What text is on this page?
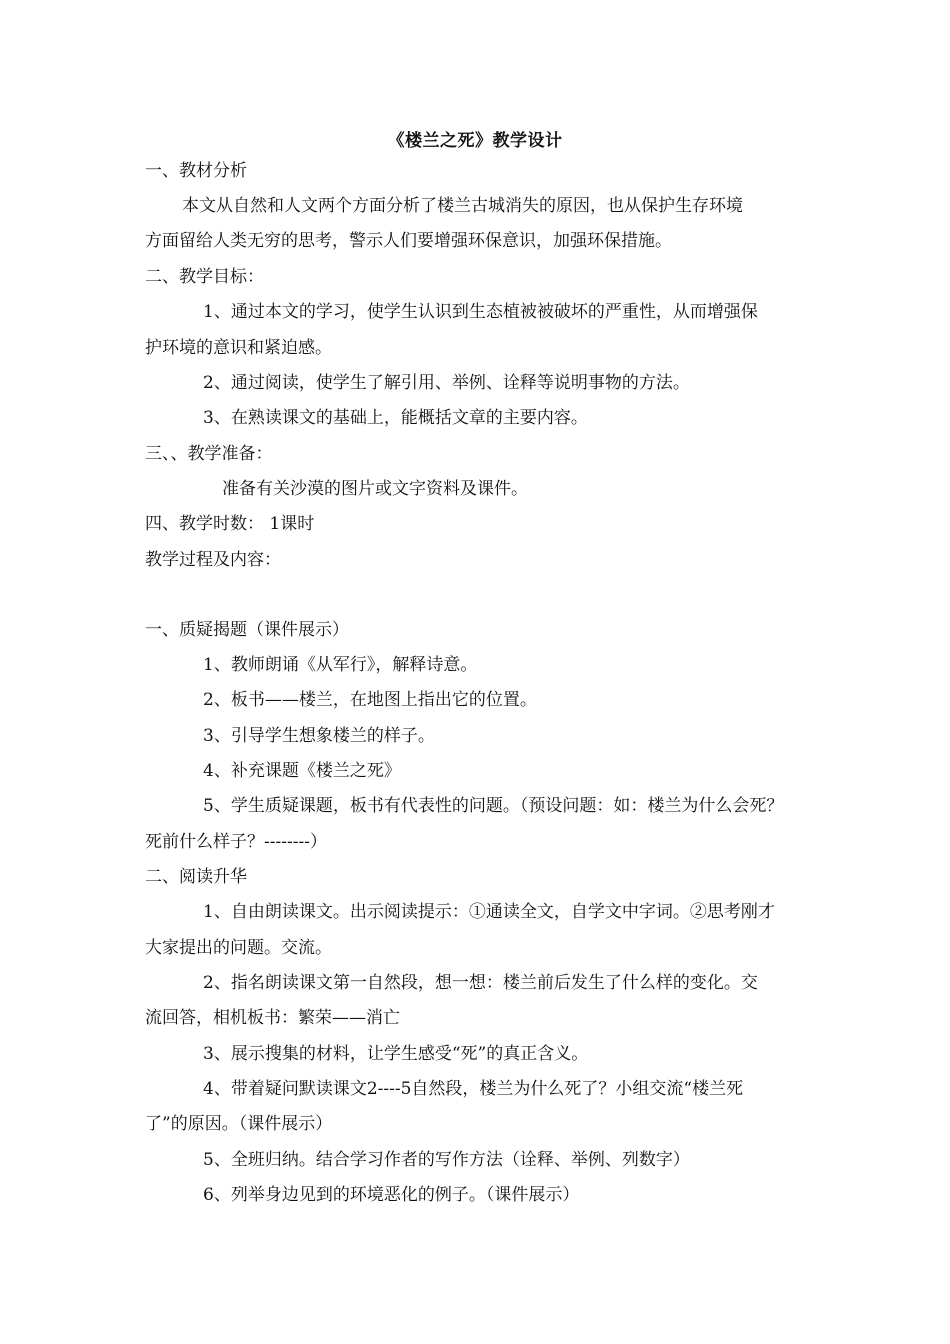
《楼兰之死》教学设计
一、教材分析
本文从自然和人文两个方面分析了楼兰古城消失的原因，也从保护生存环境
方面留给人类无穷的思考，警示人们要增强环保意识，加强环保措施。
二、教学目标：
1、通过本文的学习，使学生认识到生态植被被破坏的严重性，从而增强保
护环境的意识和紧迫感。
2、通过阅读，使学生了解引用、举例、诠释等说明事物的方法。
3、在熟读课文的基础上，能概括文章的主要内容。
三、、教学准备：
准备有关沙漠的图片或文字资料及课件。
四、教学时数： 1课时
教学过程及内容：
一、质疑揭题（课件展示）
1、教师朗诵《从军行》，解释诗意。
2、板书——楼兰，在地图上指出它的位置。
3、引导学生想象楼兰的样子。
4、补充课题《楼兰之死》
5、学生质疑课题，板书有代表性的问题。（预设问题：如：楼兰为什么会死？
死前什么样子？--------）
二、阅读升华
1、自由朗读课文。出示阅读提示：①通读全文，自学文中字词。②思考刚才
大家提出的问题。交流。
2、指名朗读课文第一自然段，想一想：楼兰前后发生了什么样的变化。交
流回答，相机板书：繁荣——消亡
3、展示搜集的材料，让学生感受“死”的真正含义。
4、带着疑问默读课文2----5自然段，楼兰为什么死了？小组交流“楼兰死
了”的原因。（课件展示）
5、全班归纳。结合学习作者的写作方法（诠释、举例、列数字）
6、列举身边见到的环境恶化的例子。（课件展示）
